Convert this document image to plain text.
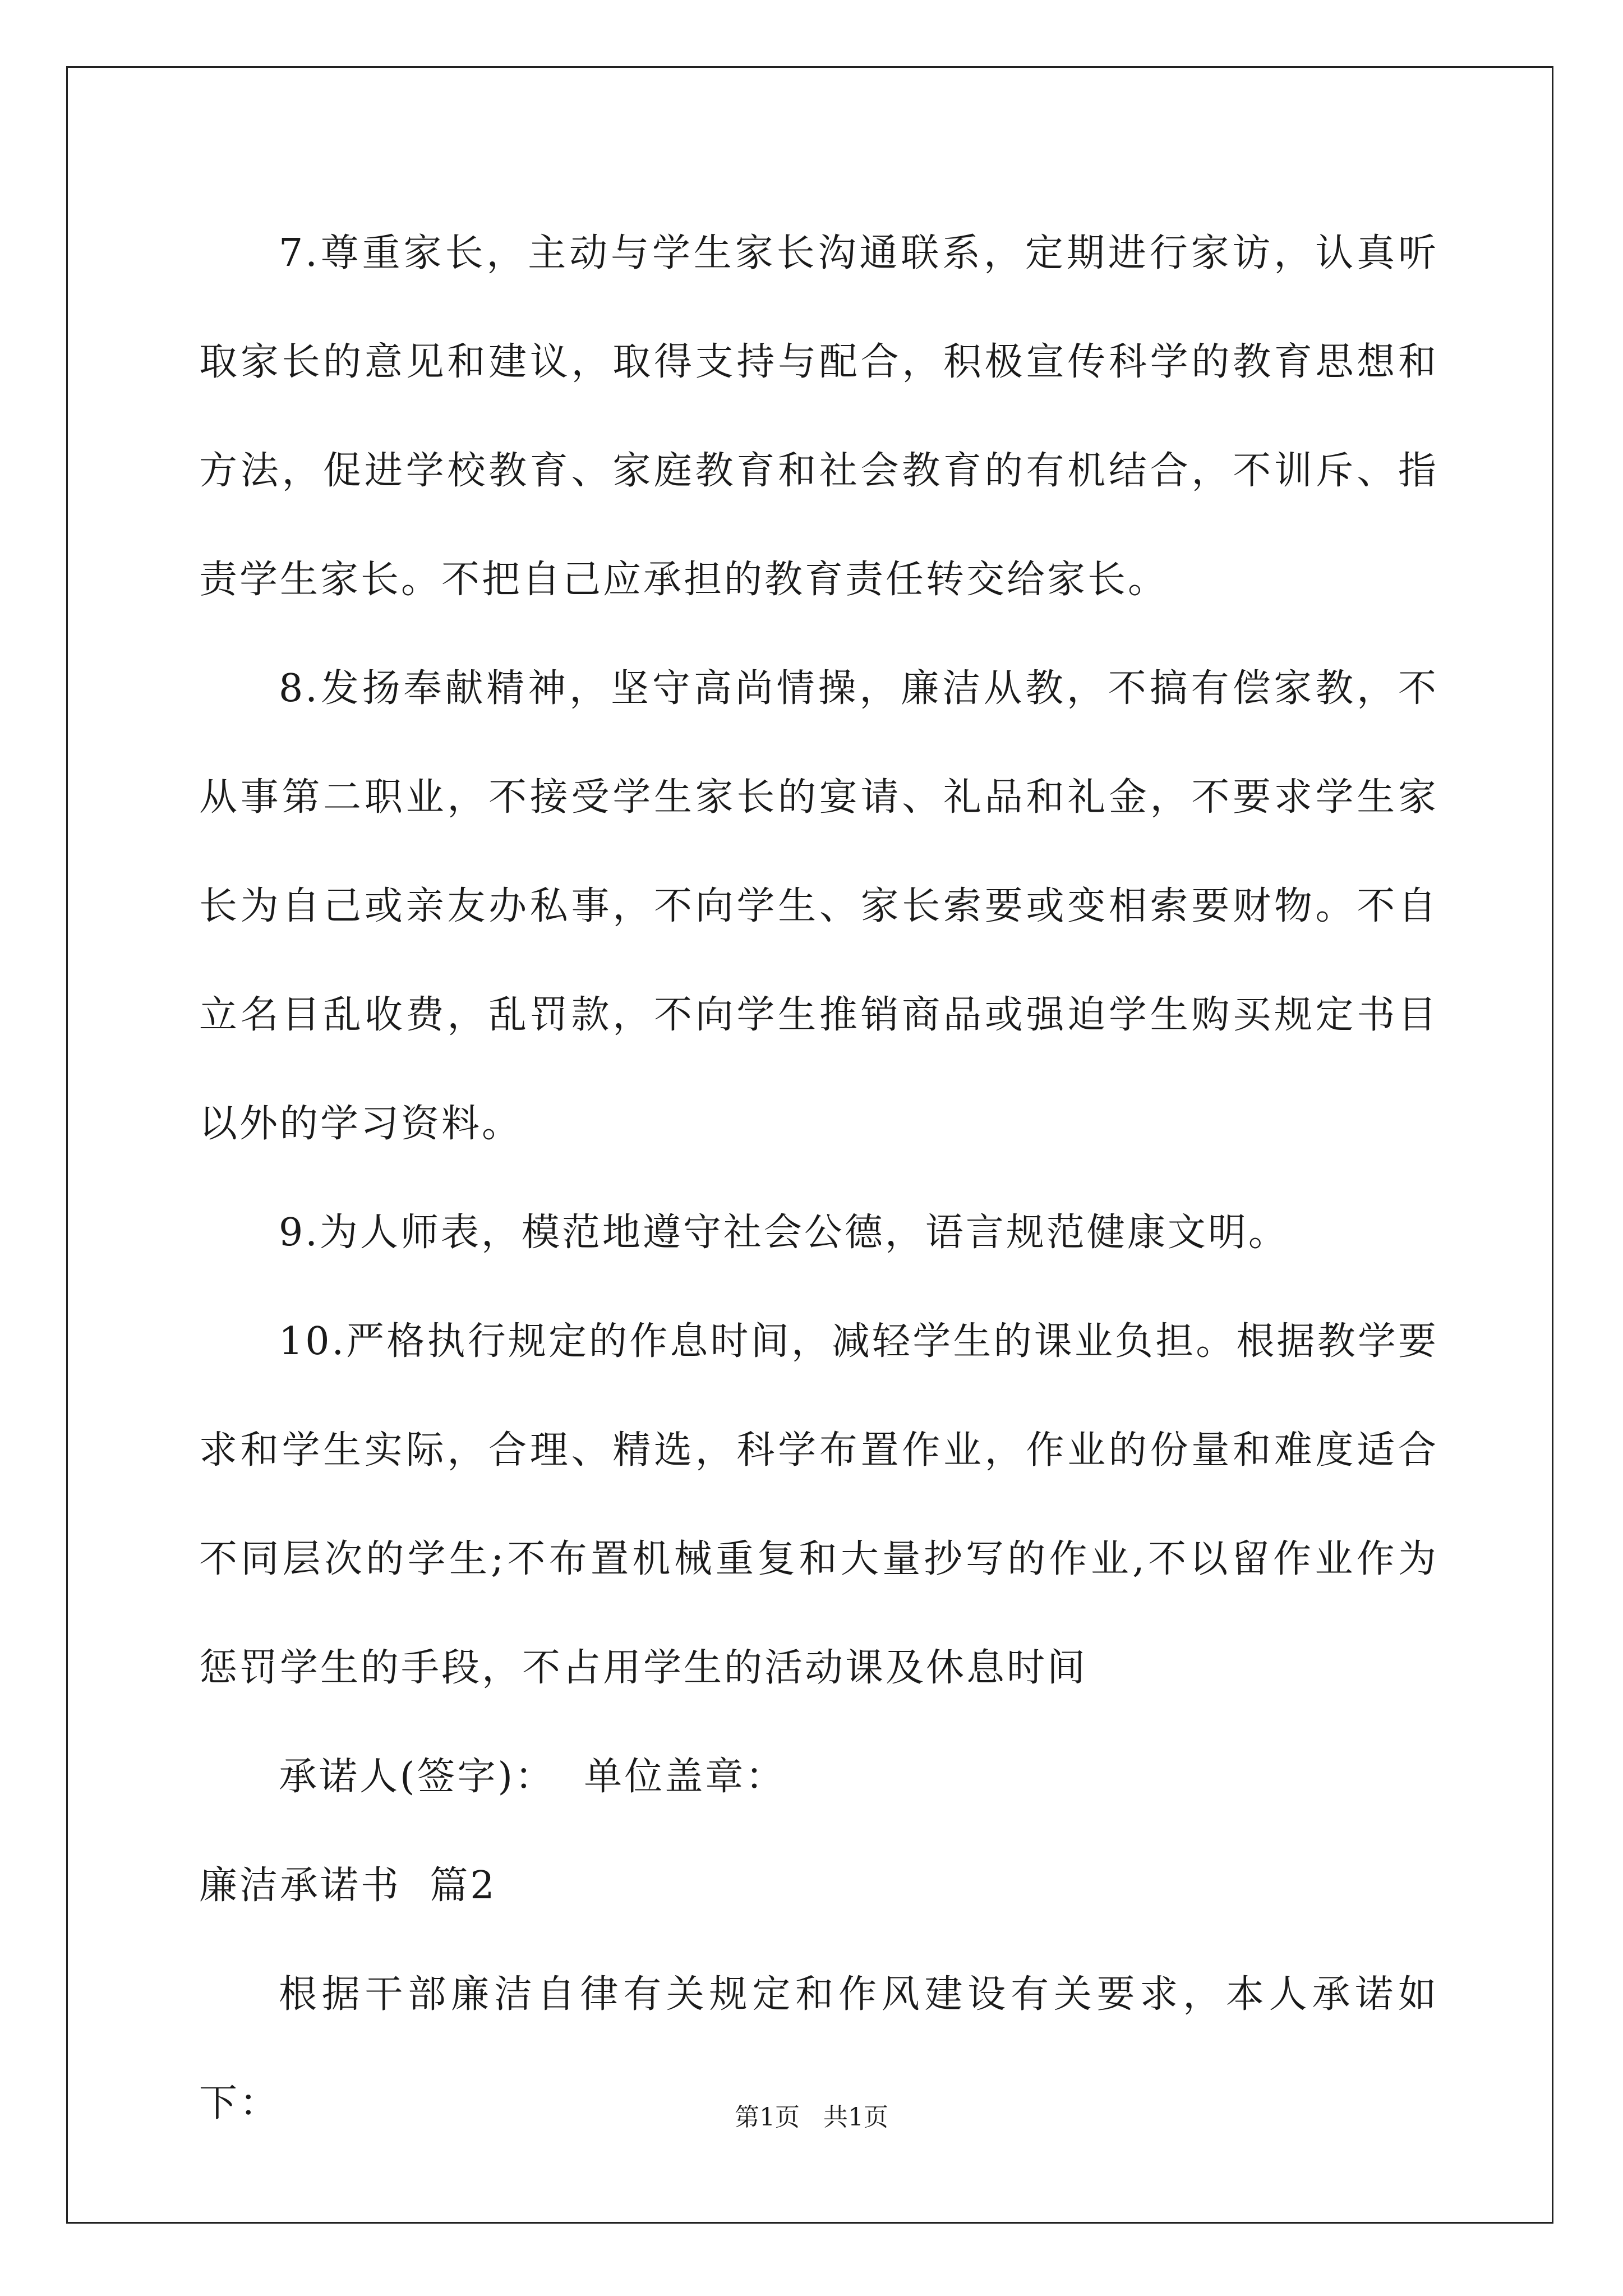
7.尊重家长，主动与学生家长沟通联系，定期进行家访，认真听取家长的意见和建议，取得支持与配合，积极宣传科学的教育思想和方法，促进学校教育、家庭教育和社会教育的有机结合，不训斥、指责学生家长。不把自己应承担的教育责任转交给家长。

8.发扬奉献精神，坚守高尚情操，廉洁从教，不搞有偿家教，不从事第二职业，不接受学生家长的宴请、礼品和礼金，不要求学生家长为自己或亲友办私事，不向学生、家长索要或变相索要财物。不自立名目乱收费，乱罚款，不向学生推销商品或强迫学生购买规定书目以外的学习资料。

9.为人师表，模范地遵守社会公德，语言规范健康文明。

10.严格执行规定的作息时间，减轻学生的课业负担。根据教学要求和学生实际，合理、精选，科学布置作业，作业的份量和难度适合不同层次的学生;不布置机械重复和大量抄写的作业,不以留作业作为惩罚学生的手段，不占用学生的活动课及休息时间

承诺人(签字)：  单位盖章：

廉洁承诺书  篇2

根据干部廉洁自律有关规定和作风建设有关要求，本人承诺如下：	第1页   共1页
